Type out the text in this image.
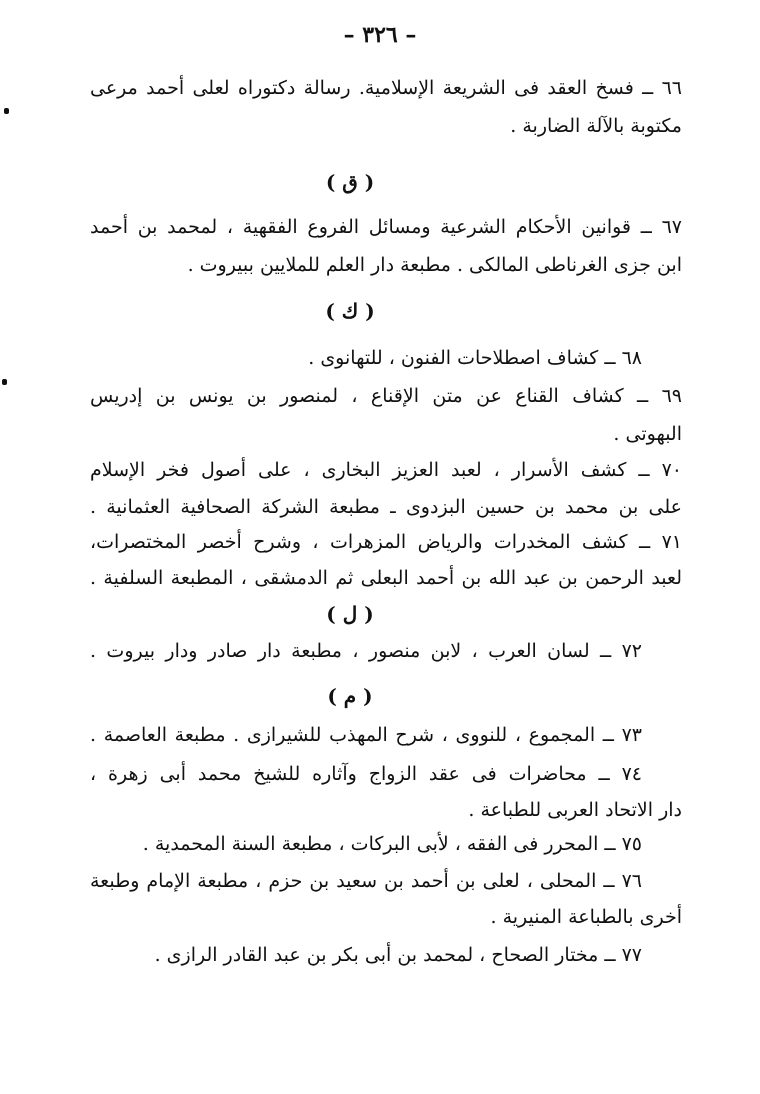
– ٣٢٦ –
٦٦ ــ فسخ العقد فى الشريعة الإسلامية. رسالة دكتوراه لعلى أحمد مرعى
مكتوبة بالآلة الضاربة .
( ق )
٦٧ ــ قوانين الأحكام الشرعية ومسائل الفروع الفقهية ، لمحمد بن أحمد
ابن جزى الغرناطى المالكى . مطبعة دار العلم للملايين ببيروت .
( ك )
٦٨ ــ كشاف اصطلاحات الفنون ، للتهانوى .
٦٩ ــ كشاف القناع عن متن الإقناع ، لمنصور بن يونس بن إدريس
البهوتى .
٧٠ ــ كشف الأسرار ، لعبد العزيز البخارى ، على أصول فخر الإسلام
على بن محمد بن حسين البزدوى ـ مطبعة الشركة الصحافية العثمانية .
٧١ ــ كشف المخدرات والرياض المزهرات ، وشرح أخصر المختصرات،
لعبد الرحمن بن عبد الله بن أحمد البعلى ثم الدمشقى ، المطبعة السلفية .
( ل )
٧٢ ــ لسان العرب ، لابن منصور ، مطبعة دار صادر ودار بيروت .
( م )
٧٣ ــ المجموع ، للنووى ، شرح المهذب للشيرازى . مطبعة العاصمة .
٧٤ ــ محاضرات فى عقد الزواج وآثاره للشيخ محمد أبى زهرة ،
دار الاتحاد العربى للطباعة .
٧٥ ــ المحرر فى الفقه ، لأبى البركات ، مطبعة السنة المحمدية .
٧٦ ــ المحلى ، لعلى بن أحمد بن سعيد بن حزم ، مطبعة الإمام وطبعة
أخرى بالطباعة المنيرية .
٧٧ ــ مختار الصحاح ، لمحمد بن أبى بكر بن عبد القادر الرازى .
